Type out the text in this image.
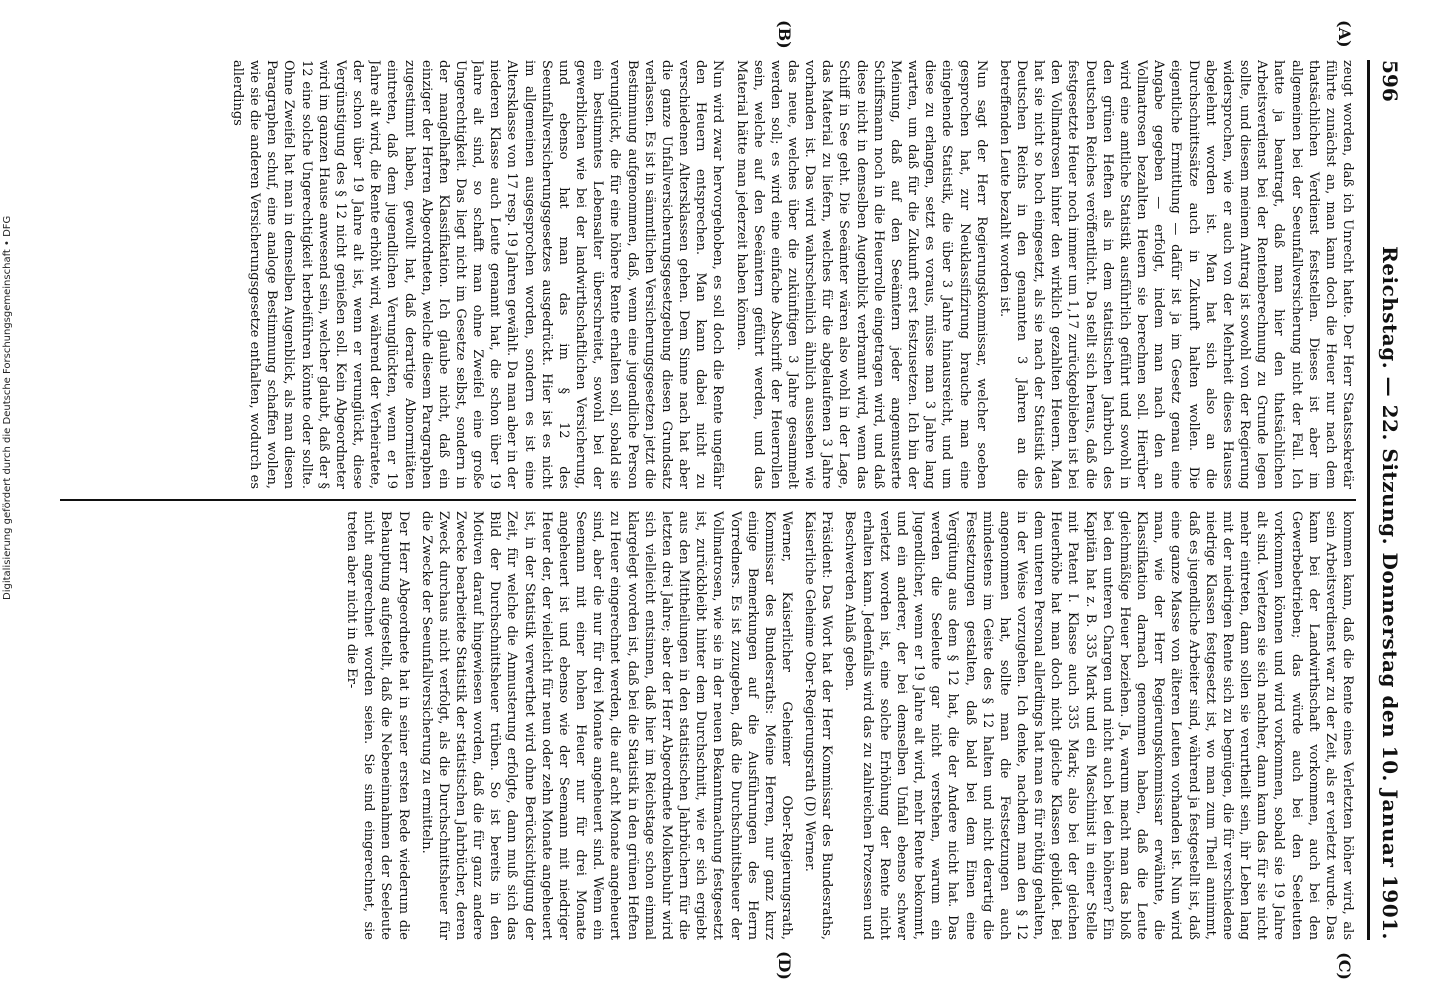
596
Reichstag. — 22. Sitzung. Donnerstag den 10. Januar 1901.
(A)
(B)
(C)
(D)

zeugt worden, daß ich Unrecht hatte. Der Herr Staatssekretär führte zunächst an, man kann doch die Heuer nur nach dem thatsächlichen Verdienst feststellen. Dieses ist aber im allgemeinen bei der Seeunfallversicherung nicht der Fall. Ich hatte ja beantragt, daß man hier den thatsächlichen Arbeitsverdienst bei der Rentenberechnung zu Grunde legen sollte, und diesem meinem Antrag ist sowohl von der Regierung widersprochen, wie er auch von der Mehrheit dieses Hauses abgelehnt worden ist. Man hat sich also an die Durchschnittssätze auch in Zukunft halten wollen. Die eigentliche Ermittlung — dafür ist ja im Gesetz genau eine Angabe gegeben — erfolgt, indem man nach den an Vollmatrosen bezahlten Heuern sie berechnen soll. Hierüber wird eine amtliche Statistik ausführlich geführt und sowohl in den grünen Heften als in dem statistischen Jahrbuch des Deutschen Reiches veröffentlicht. Da stellt sich heraus, daß die festgesetzte Heuer noch immer um 1,17 zurückgeblieben ist bei den Vollmatrosen hinter den wirklich gezahlten Heuern. Man hat sie nicht so hoch eingesetzt, als sie nach der Statistik des Deutschen Reichs in den genannten 3 Jahren an die betreffenden Leute bezahlt worden ist.

Nun sagt der Herr Regierungskommissar, welcher soeben gesprochen hat, zur Neuklassifizirung brauche man eine eingehende Statistik, die über 3 Jahre hinausreicht, und um diese zu erlangen, setzt es voraus, müsse man 3 Jahre lang warten, um daß für die Zukunft erst festzusetzen. Ich bin der Meinung, daß auf den Seeämtern jeder angemusterte Schiffsmann noch in die Heuerrolle eingetragen wird, und daß diese nicht in demselben Augenblick verbrannt wird, wenn das Schiff in See geht. Die Seeämter wären also wohl in der Lage, das Material zu liefern, welches für die abgelaufenen 3 Jahre vorhanden ist. Das wird wahrscheinlich ähnlich aussehen wie das neue, welches über die zukünftigen 3 Jahre gesammelt werden soll; es wird eine einfache Abschrift der Heuerrollen sein, welche auf den Seeämtern geführt werden, und das Material hätte man jederzeit haben können.

Nun wird zwar hervorgehoben, es soll doch die Rente ungefähr den Heuern entsprechen. Man kann dabei nicht zu verschiedenen Altersklassen gehen. Dem Sinne nach hat aber die ganze Unfallversicherungsgesetzgebung diesen Grundsatz verlassen. Es ist in sämmtlichen Versicherungsgesetzen jetzt die Bestimmung aufgenommen, daß, wenn eine jugendliche Person verunglückt, die für eine höhere Rente erhalten soll, sobald sie ein bestimmtes Lebensalter überschreitet, sowohl bei der gewerblichen wie bei der landwirthschaftlichen Versicherung, und ebenso hat man das im § 12 des Seeunfallversicherungsgesetzes ausgedrückt. Hier ist es nicht im allgemeinen ausgesprochen worden, sondern es ist eine Altersklasse von 17 resp. 19 Jahren gewählt. Da man aber in der niederen Klasse auch Leute genannt hat, die schon über 19 Jahre alt sind, so schafft man ohne Zweifel eine große Ungerechtigkeit. Das liegt nicht im Gesetze selbst, sondern in der mangelhaften Klassifikation. Ich glaube nicht, daß ein einziger der Herren Abgeordneten, welche diesem Paragraphen zugestimmt haben, gewollt hat, daß derartige Abnormitäten eintreten, daß dem jugendlichen Verunglückten, wenn er 19 Jahre alt wird, die Rente erhöht wird, während der Verheiratete, der schon über 19 Jahre alt ist, wenn er verunglückt, diese Vergünstigung des § 12 nicht genießen soll. Kein Abgeordneter wird im ganzen Hause anwesend sein, welcher glaubt, daß der § 12 eine solche Ungerechtigkeit herbeiführen könnte oder sollte. Ohne Zweifel hat man in demselben Augenblick, als man diesen Paragraphen schuf, eine analoge Bestimmung schaffen wollen, wie sie die anderen Versicherungsgesetze enthalten, wodurch es allerdings

kommen kann, daß die Rente eines Verletzten höher wird, als sein Arbeitsverdienst war zu der Zeit, als er verletzt wurde. Das kann bei der Landwirthschaft vorkommen, auch bei den Gewerbebetrieben; das würde auch bei den Seeleuten vorkommen können und wird vorkommen, sobald sie 19 Jahre alt sind. Verletzen sie sich nachher, dann kann das für sie nicht mehr eintreten, dann sollen sie verurtheilt sein, ihr Leben lang mit der niedrigen Rente sich zu begnügen, die für verschiedene niedrige Klassen festgesetzt ist, wo man zum Theil annimmt, daß es jugendliche Arbeiter sind, während ja festgestellt ist, daß eine ganze Masse von älteren Leuten vorhanden ist. Nun wird man, wie der Herr Regierungskommissar erwähnte, die Klassifikation darnach genommen haben, daß die Leute gleichmäßige Heuer beziehen. Ja, warum macht man das bloß bei den unteren Chargen und nicht auch bei den höheren? Ein Kapitän hat z. B. 335 Mark und ein Maschinist in einer Stelle mit Patent I. Klasse auch 335 Mark; also bei der gleichen Heuerhöhe hat man doch nicht gleiche Klassen gebildet. Bei dem unteren Personal allerdings hat man es für nöthig gehalten, in der Weise vorzugehen. Ich denke, nachdem man den § 12 angenommen hat, sollte man die Festsetzungen auch mindestens im Geiste des § 12 halten und nicht derartig die Festsetzungen gestalten, daß bald bei dem Einen eine Vergütung aus dem § 12 hat, die der Andere nicht hat. Das werden die Seeleute gar nicht verstehen, warum ein Jugendlicher, wenn er 19 Jahre alt wird, mehr Rente bekommt, und ein anderer, der bei demselben Unfall ebenso schwer verletzt worden ist, eine solche Erhöhung der Rente nicht erhalten kann. Jedenfalls wird das zu zahlreichen Prozessen und Beschwerden Anlaß geben.

Präsident: Das Wort hat der Herr Kommissar des Bundesraths, Kaiserliche Geheime Ober-Regierungsrath (D) Werner.

Werner, Kaiserlicher Geheimer Ober-Regierungsrath, Kommissar des Bundesraths: Meine Herren, nur ganz kurz einige Bemerkungen auf die Ausführungen des Herrn Vorredners. Es ist zuzugeben, daß die Durchschnittsheuer der Vollmatrosen, wie sie in der neuen Bekanntmachung festgesetzt ist, zurückbleibt hinter dem Durchschnitt, wie er sich ergiebt aus den Mittheilungen in den statistischen Jahrbüchern für die letzten drei Jahre; aber der Herr Abgeordnete Molkenbuhr wird sich vielleicht entsinnen, daß hier im Reichstage schon einmal klargelegt worden ist, daß bei die Statistik in den grünen Heften zu Heuer eingerechnet werden, die auf acht Monate angeheuert sind, aber die nur für drei Monate angeheuert sind. Wenn ein Seemann mit einer hohen Heuer nur für drei Monate angeheuert ist und ebenso wie der Seemann mit niedriger Heuer der, der vielleicht für neun oder zehn Monate angeheuert ist, in der Statistik verwerthet wird ohne Berücksichtigung der Zeit, für welche die Anmusterung erfolgte, dann muß sich das Bild der Durchschnittsheuer trüben. So ist bereits in den Motiven darauf hingewiesen worden, daß die für ganz andere Zwecke bearbeitete Statistik der statistischen Jahrbücher, deren Zweck durchaus nicht verfolgt, als die Durchschnittsheuer für die Zwecke der Seeunfallversicherung zu ermitteln.

Der Herr Abgeordnete hat in seiner ersten Rede wiederum die Behauptung aufgestellt, daß die Nebeneinnahmen der Seeleute nicht angerechnet worden seien. Sie sind eingerechnet, sie treten aber nicht in die Er-

Digitalisierung gefördert durch die Deutsche Forschungsgemeinschaft • DFG
